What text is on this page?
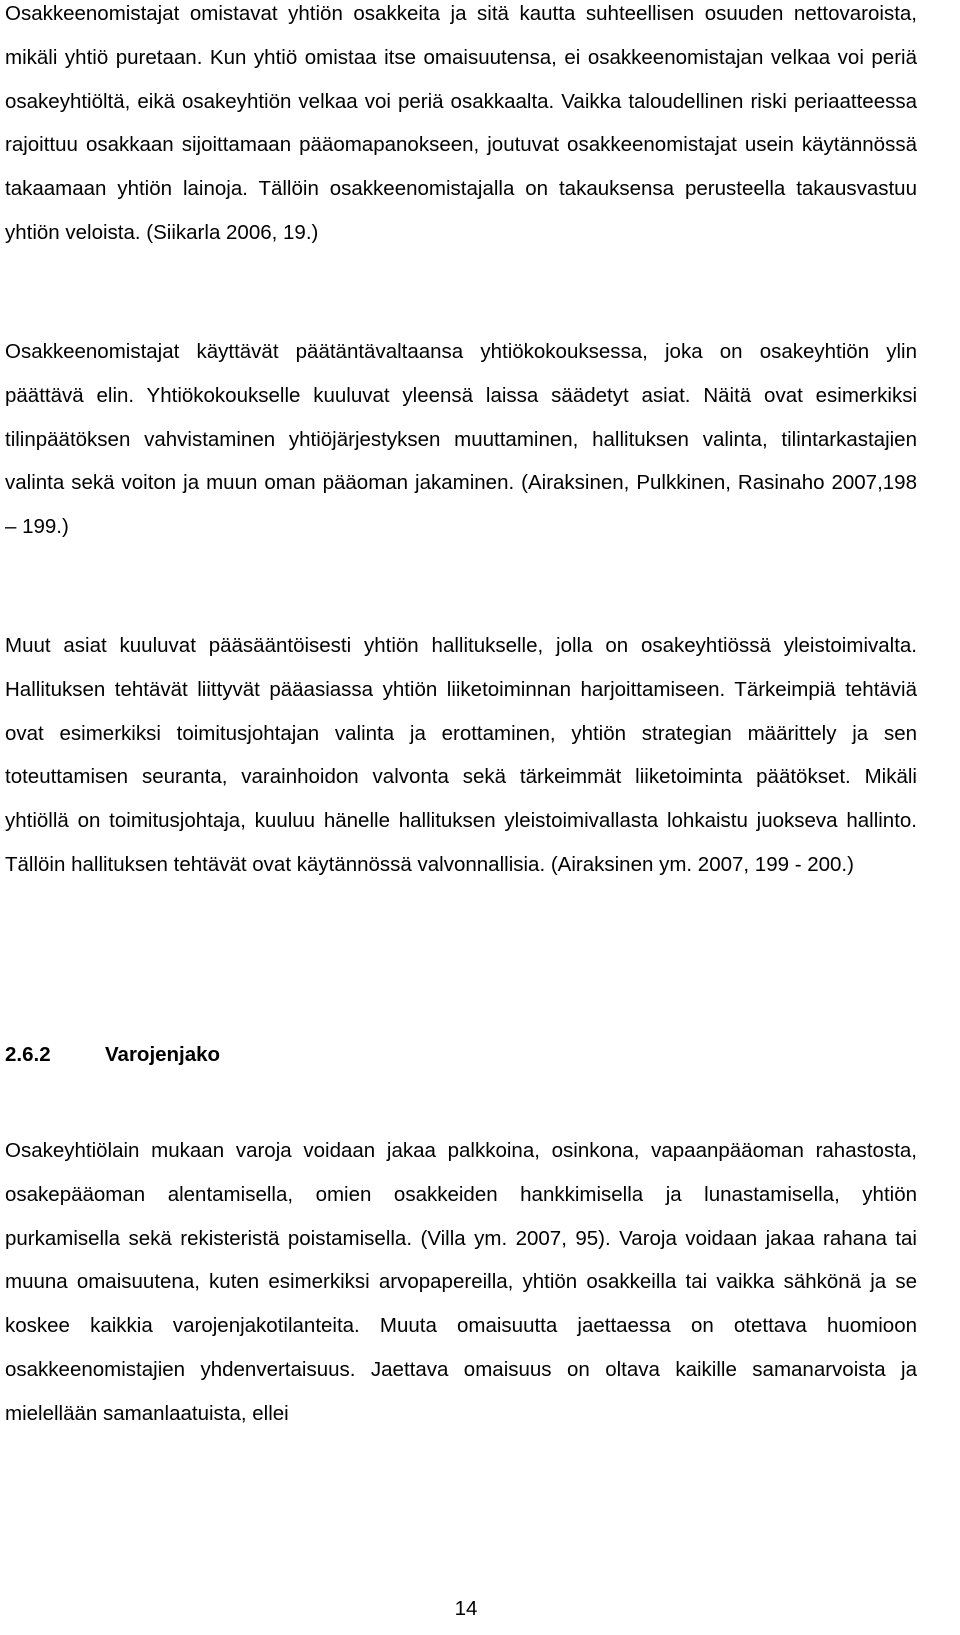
Osakkeenomistajat omistavat yhtiön osakkeita ja sitä kautta suhteellisen osuuden nettovaroista, mikäli yhtiö puretaan. Kun yhtiö omistaa itse omaisuutensa, ei osakkeenomistajan velkaa voi periä osakeyhtiöltä, eikä osakeyhtiön velkaa voi periä osakkaalta. Vaikka taloudellinen riski periaatteessa rajoittuu osakkaan sijoittamaan pääomapanokseen, joutuvat osakkeenomistajat usein käytännössä takaamaan yhtiön lainoja. Tällöin osakkeenomistajalla on takauksensa perusteella takausvastuu yhtiön veloista. (Siikarla 2006, 19.)

Osakkeenomistajat käyttävät päätäntävaltaansa yhtiökokouksessa, joka on osakeyhtiön ylin päättävä elin. Yhtiökokoukselle kuuluvat yleensä laissa säädetyt asiat. Näitä ovat esimerkiksi tilinpäätöksen vahvistaminen yhtiöjärjestyksen muuttaminen, hallituksen valinta, tilintarkastajien valinta sekä voiton ja muun oman pääoman jakaminen. (Airaksinen, Pulkkinen, Rasinaho 2007,198 – 199.)

Muut asiat kuuluvat pääsääntöisesti yhtiön hallitukselle, jolla on osakeyhtiössä yleistoimivalta. Hallituksen tehtävät liittyvät pääasiassa yhtiön liiketoiminnan harjoittamiseen. Tärkeimpiä tehtäviä ovat esimerkiksi toimitusjohtajan valinta ja erottaminen, yhtiön strategian määrittely ja sen toteuttamisen seuranta, varainhoidon valvonta sekä tärkeimmät liiketoiminta päätökset. Mikäli yhtiöllä on toimitusjohtaja, kuuluu hänelle hallituksen yleistoimivallasta lohkaistu juokseva hallinto. Tällöin hallituksen tehtävät ovat käytännössä valvonnallisia. (Airaksinen ym. 2007, 199 - 200.)

2.6.2	Varojenjako

Osakeyhtiölain mukaan varoja voidaan jakaa palkkoina, osinkona, vapaanpääoman rahastosta, osakepääoman alentamisella, omien osakkeiden hankkimisella ja lunastamisella, yhtiön purkamisella sekä rekisteristä poistamisella. (Villa ym. 2007, 95). Varoja voidaan jakaa rahana tai muuna omaisuutena, kuten esimerkiksi arvopapereilla, yhtiön osakkeilla tai vaikka sähkönä ja se koskee kaikkia varojenjakotilanteita. Muuta omaisuutta jaettaessa on otettava huomioon osakkeenomistajien yhdenvertaisuus. Jaettava omaisuus on oltava kaikille samanarvoista ja mielellään samanlaatuista, ellei

14
